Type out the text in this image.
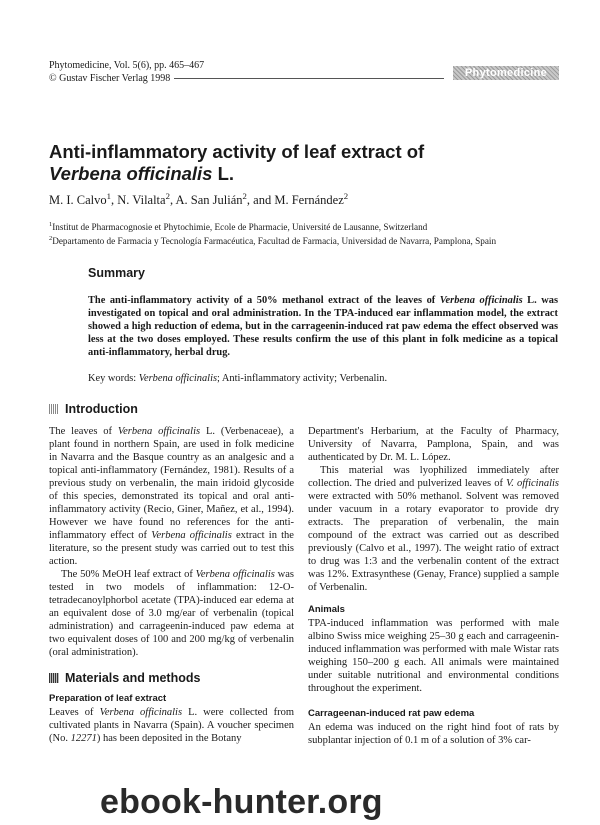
Phytomedicine, Vol. 5(6), pp. 465–467
© Gustav Fischer Verlag 1998	Phytomedicine
Anti-inflammatory activity of leaf extract of
Verbena officinalis L.
M. I. Calvo$^1$, N. Vilalta$^2$, A. San Julián$^2$, and M. Fernández$^2$
$^1$Institut de Pharmacognosie et Phytochimie, Ecole de Pharmacie, Université de Lausanne, Switzerland
$^2$Departamento de Farmacia y Tecnología Farmacéutica, Facultad de Farmacia, Universidad de Navarra, Pamplona, Spain
Summary

The anti-inflammatory activity of a 50% methanol extract of the leaves of Verbena officinalis L. was investigated on topical and oral administration. In the TPA-induced ear inflammation model, the extract showed a high reduction of edema, but in the carrageenin-induced rat paw edema the effect observed was less at the two doses employed. These results confirm the use of this plant in folk medicine as a topical anti-inflammatory, herbal drug.

Key words: Verbena officinalis; Anti-inflammatory activity; Verbenalin.

Introduction

The leaves of Verbena officinalis L. (Verbenaceae), a plant found in northern Spain, are used in folk medicine in Navarra and the Basque country as an analgesic and a topical anti-inflammatory (Fernández, 1981). Results of a previous study on verbenalin, the main iridoid glycoside of this species, demonstrated its topical and oral anti-inflammatory activity (Recio, Giner, Mañez, et al., 1994). However we have found no references for the anti-inflammatory effect of Verbena officinalis extract in the literature, so the present study was carried out to test this action.

The 50% MeOH leaf extract of Verbena officinalis was tested in two models of inflammation: 12-O-tetradecanoylphorbol acetate (TPA)-induced ear edema at an equivalent dose of 3.0 mg/ear of verbenalin (topical administration) and carrageenin-induced paw edema at two equivalent doses of 100 and 200 mg/kg of verbenalin (oral administration).

Materials and methods
Preparation of leaf extract

Leaves of Verbena officinalis L. were collected from cultivated plants in Navarra (Spain). A voucher specimen (No. 12271) has been deposited in the Botany

Department's Herbarium, at the Faculty of Pharmacy, University of Navarra, Pamplona, Spain, and was authenticated by Dr. M. L. López.

This material was lyophilized immediately after collection. The dried and pulverized leaves of V. officinalis were extracted with 50% methanol. Solvent was removed under vacuum in a rotary evaporator to provide dry extracts. The preparation of verbenalin, the main compound of the extract was carried out as described previously (Calvo et al., 1997). The weight ratio of extract to drug was 1:3 and the verbenalin content of the extract was 12%. Extrasynthese (Genay, France) supplied a sample of Verbenalin.

Animals

TPA-induced inflammation was performed with male albino Swiss mice weighing 25–30 g each and carrageenin-induced inflammation was performed with male Wistar rats weighing 150–200 g each. All animals were maintained under suitable nutritional and environmental conditions throughout the experiment.

Carrageenan-induced rat paw edema

An edema was induced on the right hind foot of rats by subplantar injection of 0.1 m of a solution of 3% car-

ebook-hunter.org
